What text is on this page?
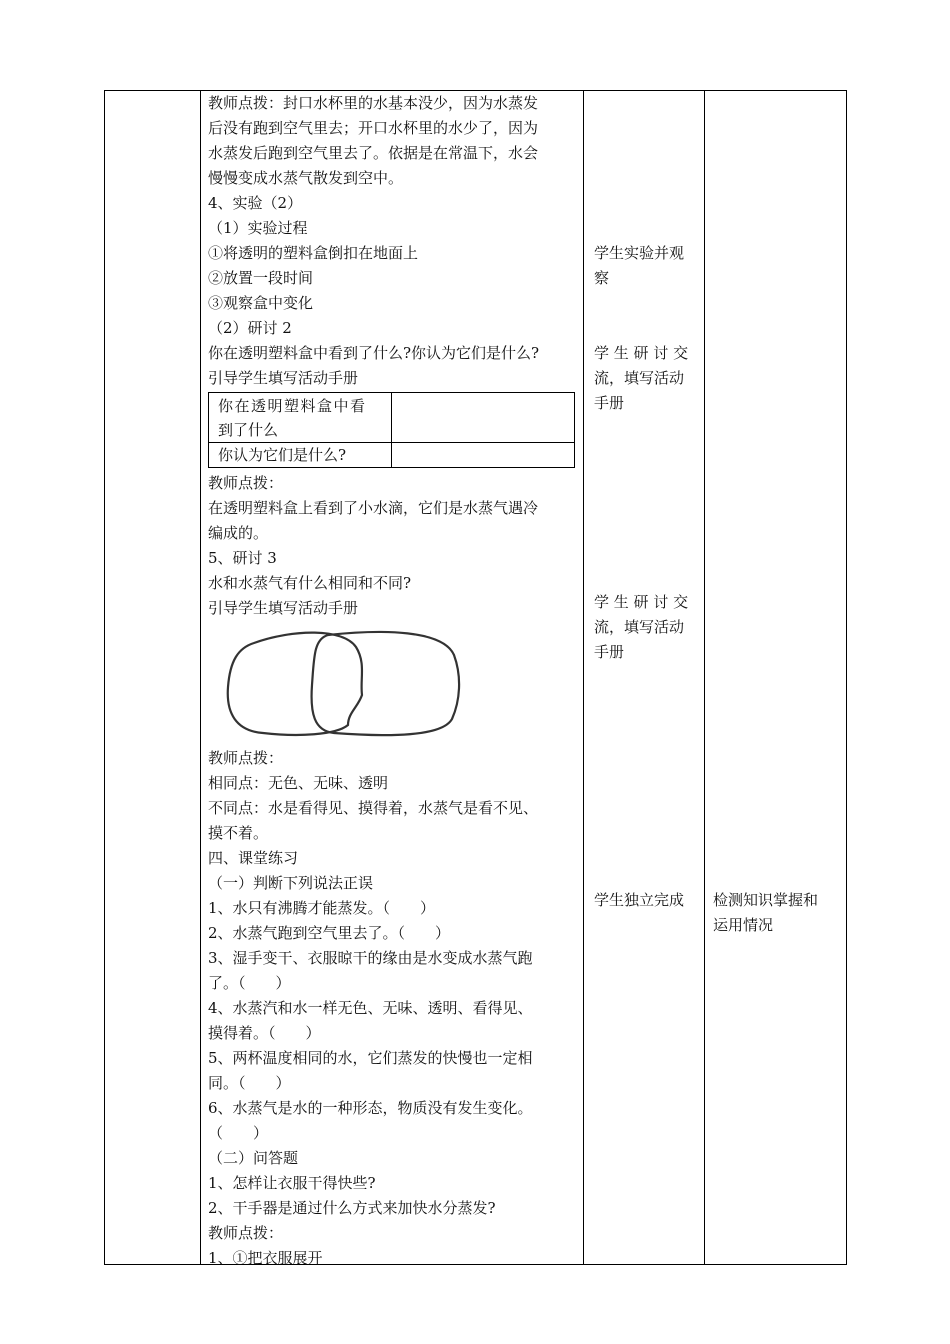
教师点拨：封口水杯里的水基本没少，因为水蒸发
后没有跑到空气里去；开口水杯里的水少了，因为
水蒸发后跑到空气里去了。依据是在常温下，水会
慢慢变成水蒸气散发到空中。
4、实验（2）
（1）实验过程
①将透明的塑料盒倒扣在地面上
②放置一段时间
③观察盒中变化
（2）研讨 2
你在透明塑料盒中看到了什么?你认为它们是什么?
引导学生填写活动手册
你在透明塑料盒中看
到了什么
你认为它们是什么?
教师点拨：
在透明塑料盒上看到了小水滴，它们是水蒸气遇冷
编成的。
5、研讨 3
水和水蒸气有什么相同和不同?
引导学生填写活动手册
教师点拨：
相同点：无色、无味、透明
不同点：水是看得见、摸得着，水蒸气是看不见、
摸不着。
四、课堂练习
（一）判断下列说法正误
1、水只有沸腾才能蒸发。（　　）
2、水蒸气跑到空气里去了。（　　）
3、湿手变干、衣服晾干的缘由是水变成水蒸气跑
了。（　　）
4、水蒸汽和水一样无色、无味、透明、看得见、
摸得着。（　　）
5、两杯温度相同的水，它们蒸发的快慢也一定相
同。（　　）
6、水蒸气是水的一种形态，物质没有发生变化。
（　　）
（二）问答题
1、怎样让衣服干得快些?
2、干手器是通过什么方式来加快水分蒸发?
教师点拨：
1、①把衣服展开
学生实验并观
察
学 生 研 讨 交
流，填写活动
手册
学 生 研 讨 交
流，填写活动
手册
学生独立完成 检测知识掌握和
运用情况
